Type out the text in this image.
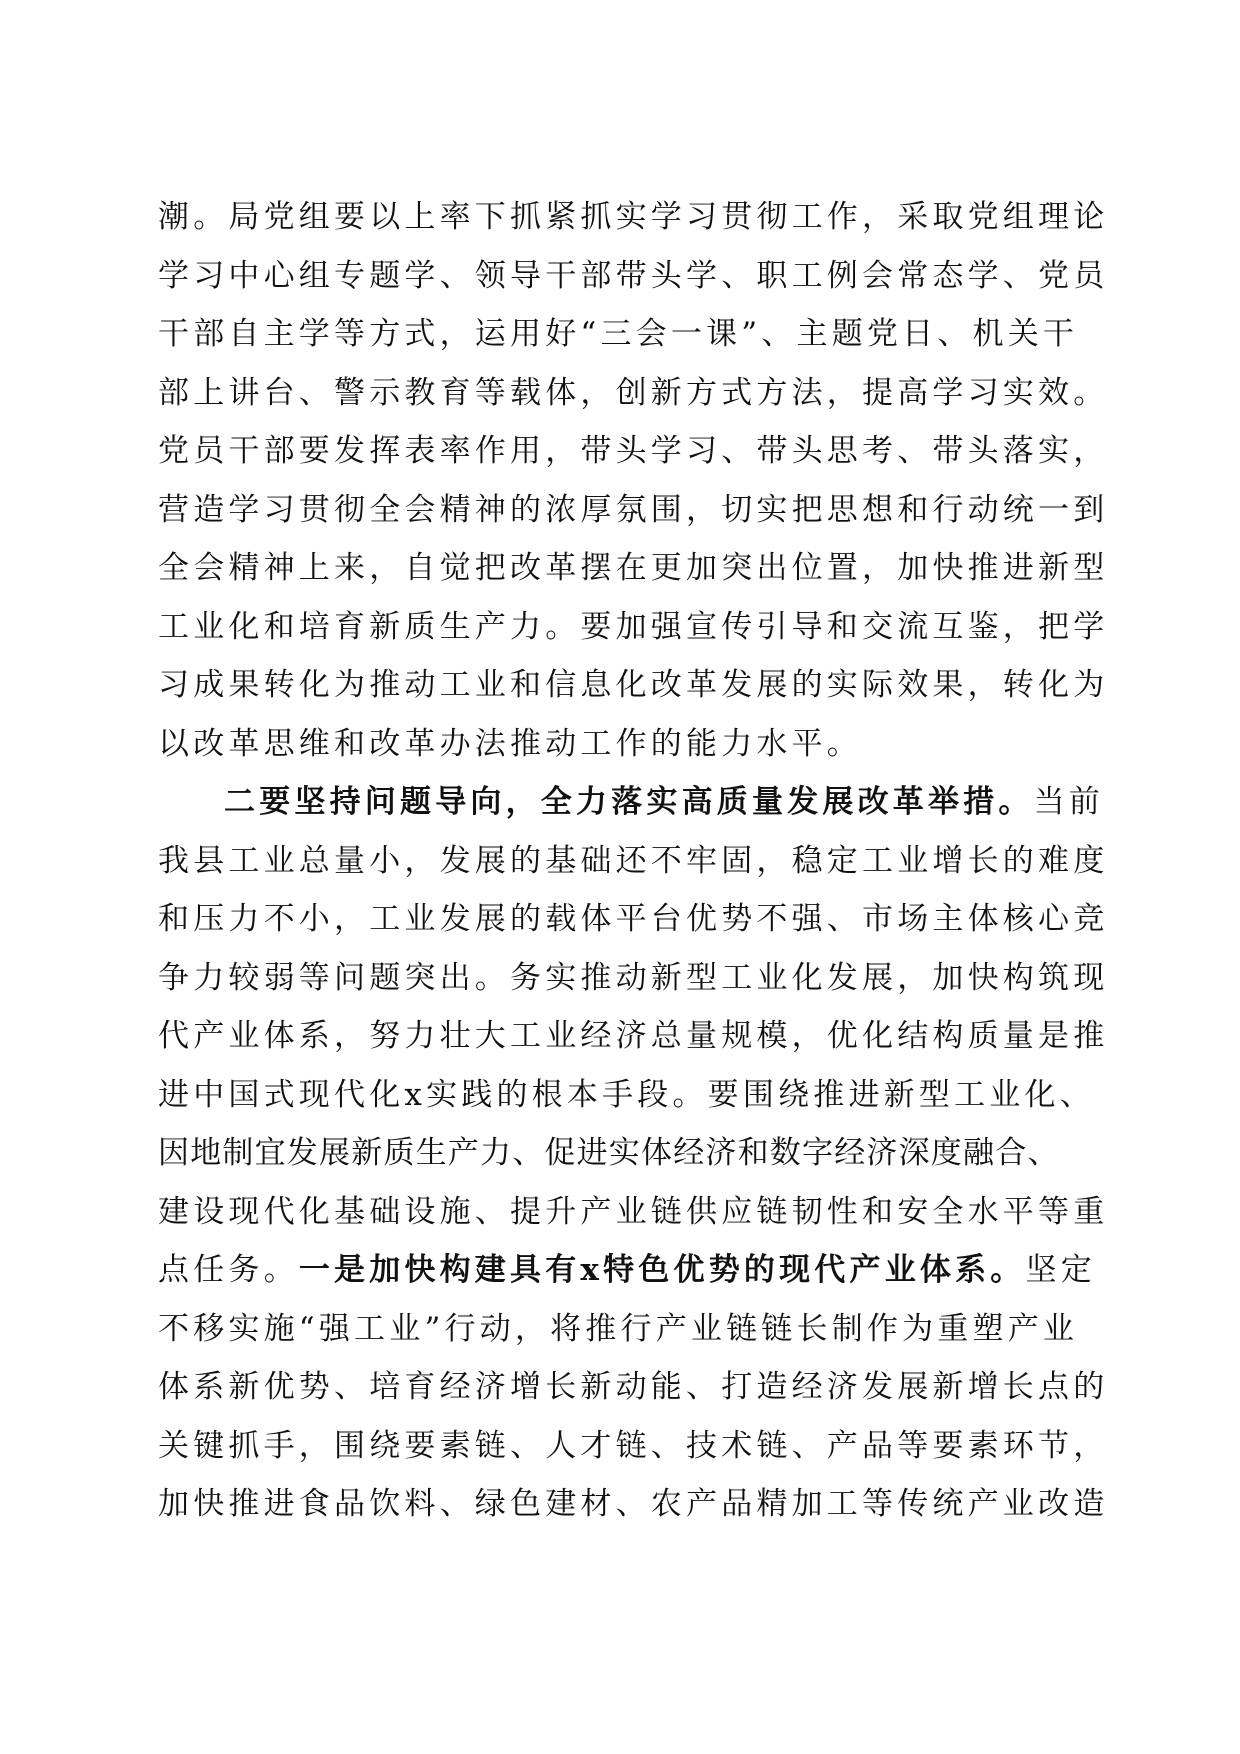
潮。局党组要以上率下抓紧抓实学习贯彻工作，采取党组理论
学习中心组专题学、领导干部带头学、职工例会常态学、党员
干部自主学等方式，运用好“三会一课”、主题党日、机关干
部上讲台、警示教育等载体，创新方式方法，提高学习实效。
党员干部要发挥表率作用，带头学习、带头思考、带头落实，
营造学习贯彻全会精神的浓厚氛围，切实把思想和行动统一到
全会精神上来，自觉把改革摆在更加突出位置，加快推进新型
工业化和培育新质生产力。要加强宣传引导和交流互鉴，把学
习成果转化为推动工业和信息化改革发展的实际效果，转化为
以改革思维和改革办法推动工作的能力水平。
二要坚持问题导向，全力落实高质量发展改革举措。当前
我县工业总量小，发展的基础还不牢固，稳定工业增长的难度
和压力不小，工业发展的载体平台优势不强、市场主体核心竞
争力较弱等问题突出。务实推动新型工业化发展，加快构筑现
代产业体系，努力壮大工业经济总量规模，优化结构质量是推
进中国式现代化x实践的根本手段。要围绕推进新型工业化、
因地制宜发展新质生产力、促进实体经济和数字经济深度融合、
建设现代化基础设施、提升产业链供应链韧性和安全水平等重
点任务。一是加快构建具有x特色优势的现代产业体系。坚定
不移实施“强工业”行动，将推行产业链链长制作为重塑产业
体系新优势、培育经济增长新动能、打造经济发展新增长点的
关键抓手，围绕要素链、人才链、技术链、产品等要素环节，
加快推进食品饮料、绿色建材、农产品精加工等传统产业改造
